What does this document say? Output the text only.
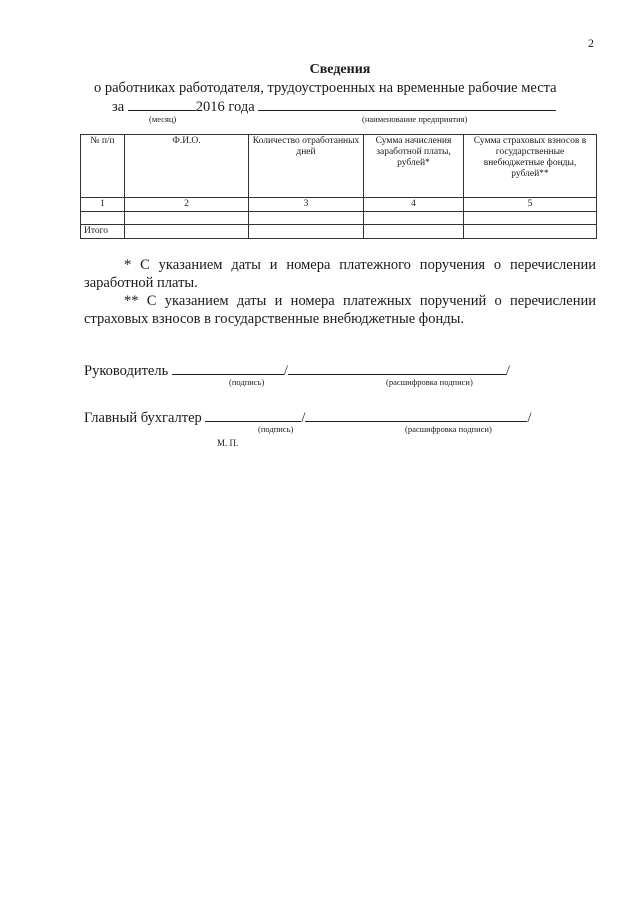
2
Сведения
о работниках работодателя, трудоустроенных на временные рабочие места
за	2016 года
(месяц)	(наименование предприятия)
№ п/п	Ф.И.О.	Количество отработанных дней	Сумма начисления заработной платы, рублей*	Сумма страховых взносов в государственные внебюджетные фонды, рублей**
1	2	3	4	5

Итого				
* С указанием даты и номера платежного поручения о перечислении заработной платы.
** С указанием даты и номера платежных поручений о перечислении страховых взносов в государственные внебюджетные фонды.
Руководитель	/	/
(подпись)	(расшифровка подписи)
Главный бухгалтер	/	/
(подпись)	(расшифровка подписи)
М. П.
